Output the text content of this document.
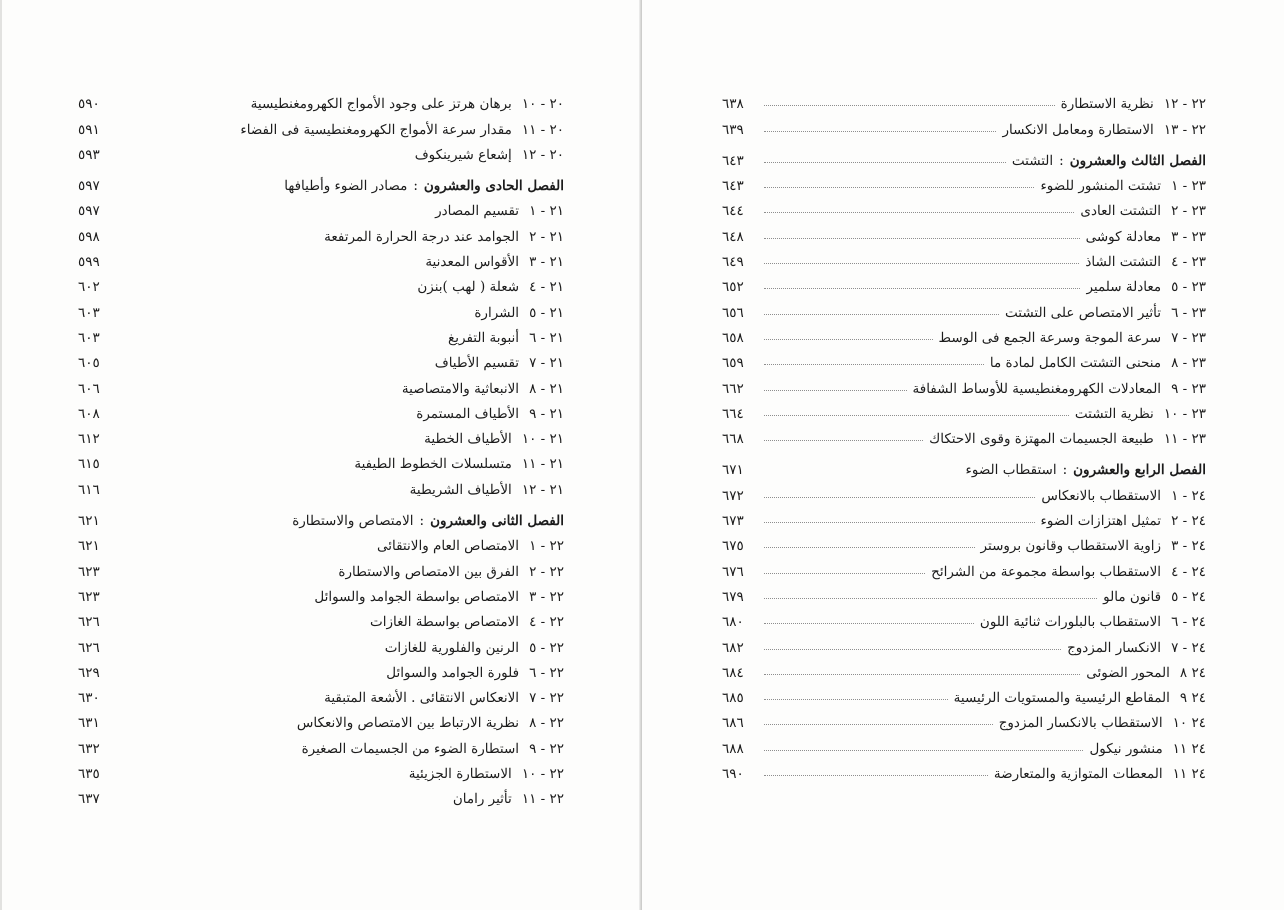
٢٠ - ١٠
برهان هرتز على وجود الأمواج الكهرومغنطيسية
٥٩٠
٢٠ - ١١
مقدار سرعة الأمواج الكهرومغنطيسية فى الفضاء
٥٩١
٢٠ - ١٢
إشعاع شيرينكوف
٥٩٣
الفصل الحادى والعشرون
:
مصادر الضوء وأطيافها
٥٩٧
٢١ - ١
تقسيم المصادر
٥٩٧
٢١ - ٢
الجوامد عند درجة الحرارة المرتفعة
٥٩٨
٢١ - ٣
الأقواس المعدنية
٥٩٩
٢١ - ٤
شعلة ( لهب )بنزن
٦٠٢
٢١ - ٥
الشرارة
٦٠٣
٢١ - ٦
أنبوبة التفريغ
٦٠٣
٢١ - ٧
تقسيم الأطياف
٦٠٥
٢١ - ٨
الانبعاثية والامتصاصية
٦٠٦
٢١ - ٩
الأطياف المستمرة
٦٠٨
٢١ - ١٠
الأطياف الخطية
٦١٢
٢١ - ١١
متسلسلات الخطوط الطيفية
٦١٥
٢١ - ١٢
الأطياف الشريطية
٦١٦
الفصل الثانى والعشرون
:
الامتصاص والاستطارة
٦٢١
٢٢ - ١
الامتصاص العام والانتقائى
٦٢١
٢٢ - ٢
الفرق بين الامتصاص والاستطارة
٦٢٣
٢٢ - ٣
الامتصاص بواسطة الجوامد والسوائل
٦٢٣
٢٢ - ٤
الامتصاص بواسطة الغازات
٦٢٦
٢٢ - ٥
الرنين والفلورية للغازات
٦٢٦
٢٢ - ٦
فلورة الجوامد والسوائل
٦٢٩
٢٢ - ٧
الانعكاس الانتقائى . الأشعة المتبقية
٦٣٠
٢٢ - ٨
نظرية الارتباط بين الامتصاص والانعكاس
٦٣١
٢٢ - ٩
استطارة الضوء من الجسيمات الصغيرة
٦٣٢
٢٢ - ١٠
الاستطارة الجزيئية
٦٣٥
٢٢ - ١١
تأثير رامان
٦٣٧
٢٢ - ١٢
نظرية الاستطارة
٦٣٨
٢٢ - ١٣
الاستطارة ومعامل الانكسار
٦٣٩
الفصل الثالث والعشرون
:
التشتت
٦٤٣
٢٣ - ١
تشتت المنشور للضوء
٦٤٣
٢٣ - ٢
التشتت العادى
٦٤٤
٢٣ - ٣
معادلة كوشى
٦٤٨
٢٣ - ٤
التشتت الشاذ
٦٤٩
٢٣ - ٥
معادلة سلمير
٦٥٢
٢٣ - ٦
تأثير الامتصاص على التشتت
٦٥٦
٢٣ - ٧
سرعة الموجة وسرعة الجمع فى الوسط
٦٥٨
٢٣ - ٨
منحنى التشتت الكامل لمادة ما
٦٥٩
٢٣ - ٩
المعادلات الكهرومغنطيسية للأوساط الشفافة
٦٦٢
٢٣ - ١٠
نظرية التشتت
٦٦٤
٢٣ - ١١
طبيعة الجسيمات المهتزة وقوى الاحتكاك
٦٦٨
الفصل الرابع والعشرون
:
استقطاب الضوء
٦٧١
٢٤ - ١
الاستقطاب بالانعكاس
٦٧٢
٢٤ - ٢
تمثيل اهتزازات الضوء
٦٧٣
٢٤ - ٣
زاوية الاستقطاب وقانون بروستر
٦٧٥
٢٤ - ٤
الاستقطاب بواسطة مجموعة من الشرائح
٦٧٦
٢٤ - ٥
قانون مالو
٦٧٩
٢٤ - ٦
الاستقطاب بالبلورات ثنائية اللون
٦٨٠
٢٤ - ٧
الانكسار المزدوج
٦٨٢
٢٤ ٨
المحور الضوئى
٦٨٤
٢٤ ٩
المقاطع الرئيسية والمستويات الرئيسية
٦٨٥
٢٤ ١٠
الاستقطاب بالانكسار المزدوج
٦٨٦
٢٤ ١١
منشور نيكول
٦٨٨
٢٤ ١١
المعطات المتوازية والمتعارضة
٦٩٠
